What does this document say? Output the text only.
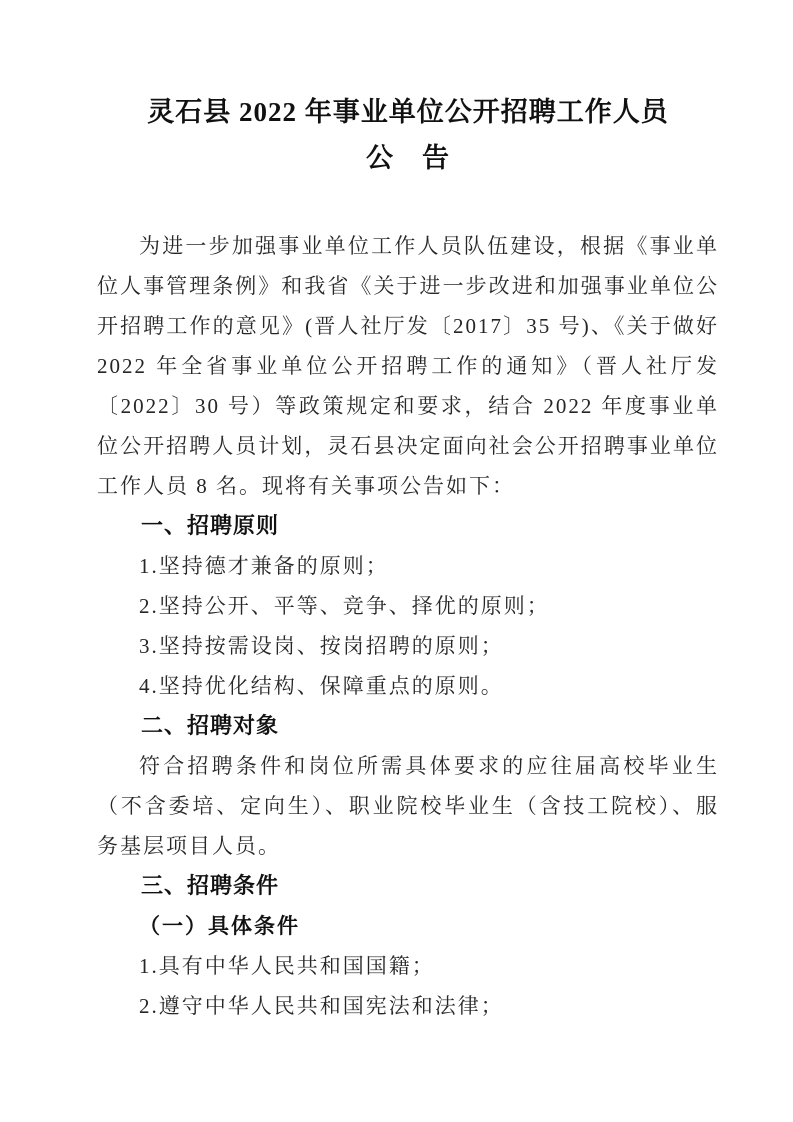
灵石县 2022 年事业单位公开招聘工作人员
公　告

为进一步加强事业单位工作人员队伍建设，根据《事业单位人事管理条例》和我省《关于进一步改进和加强事业单位公开招聘工作的意见》(晋人社厅发〔2017〕35 号)、《关于做好 2022 年全省事业单位公开招聘工作的通知》（晋人社厅发〔2022〕30 号）等政策规定和要求，结合 2022 年度事业单位公开招聘人员计划，灵石县决定面向社会公开招聘事业单位工作人员 8 名。现将有关事项公告如下：

一、招聘原则

1.坚持德才兼备的原则；

2.坚持公开、平等、竞争、择优的原则；

3.坚持按需设岗、按岗招聘的原则；

4.坚持优化结构、保障重点的原则。

二、招聘对象

符合招聘条件和岗位所需具体要求的应往届高校毕业生（不含委培、定向生）、职业院校毕业生（含技工院校）、服务基层项目人员。

三、招聘条件

（一）具体条件

1.具有中华人民共和国国籍；

2.遵守中华人民共和国宪法和法律；
